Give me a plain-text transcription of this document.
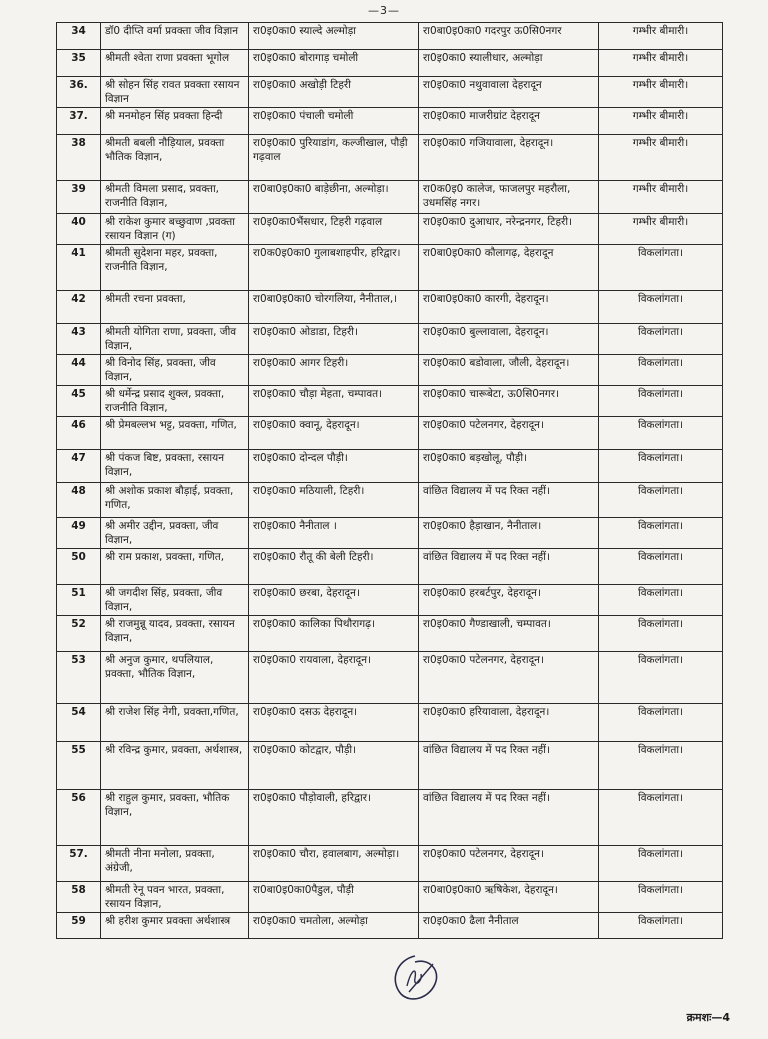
—3—
34	डॉ0 दीप्ति वर्मा प्रवक्ता जीव विज्ञान	रा0इ0का0 स्याल्दे अल्मोड़ा	रा0बा0इ0का0 गदरपुर ऊ0सि0नगर	गम्भीर बीमारी।
35	श्रीमती श्वेता राणा प्रवक्ता भूगोल	रा0इ0का0 बोरागाड़ चमोली	रा0इ0का0 स्यालीधार, अल्मोड़ा	गम्भीर बीमारी।
36.	श्री सोहन सिंह रावत प्रवक्ता रसायन विज्ञान	रा0इ0का0 अखोड़ी टिहरी	रा0इ0का0 नथुवावाला देहरादून	गम्भीर बीमारी।
37.	श्री मनमोहन सिंह प्रवक्ता हिन्दी	रा0इ0का0 पंचाली चमोली	रा0इ0का0 माजरीग्रांट देहरादून	गम्भीर बीमारी।
38	श्रीमती बबली नौड़ियाल, प्रवक्ता भौतिक विज्ञान,	रा0इ0का0 पुरियाडांग, कल्जीखाल, पौड़ी गढ़वाल	रा0इ0का0 गजियावाला, देहरादून।	गम्भीर बीमारी।
39	श्रीमती विमला प्रसाद, प्रवक्ता, राजनीति विज्ञान,	रा0बा0इ0का0 बाड़ेछीना, अल्मोड़ा।	रा0क0इ0 कालेज, फाजलपुर महरौला, उधमसिंह नगर।	गम्भीर बीमारी।
40	श्री राकेश कुमार बच्छुवाण ,प्रवक्ता रसायन विज्ञान (ग)	रा0इ0का0भैंसधार, टिहरी गढ़वाल	रा0इ0का0 दुआधार, नरेन्द्रनगर, टिहरी।	गम्भीर बीमारी।
41	श्रीमती सुदेशना महर, प्रवक्ता, राजनीति विज्ञान,	रा0क0इ0का0 गुलाबशाहपीर, हरिद्वार।	रा0बा0इ0का0 कौलागढ़, देहरादून	विकलांगता।
42	श्रीमती रचना प्रवक्ता,	रा0बा0इ0का0 चोरगलिया, नैनीताल,।	रा0बा0इ0का0 कारगी, देहरादून।	विकलांगता।
43	श्रीमती योगिता राणा, प्रवक्ता, जीव विज्ञान,	रा0इ0का0 ओडाडा, टिहरी।	रा0इ0का0 बुल्लावाला, देहरादून।	विकलांगता।
44	श्री विनोद सिंह, प्रवक्ता, जीव विज्ञान,	रा0इ0का0 आगर टिहरी।	रा0इ0का0 बडोवाला, जौली, देहरादून।	विकलांगता।
45	श्री धर्मेन्द्र प्रसाद शुक्ल, प्रवक्ता, राजनीति विज्ञान,	रा0इ0का0 चौड़ा मेहता, चम्पावत।	रा0इ0का0 चारूबेटा, ऊ0सि0नगर।	विकलांगता।
46	श्री प्रेमबल्लभ भट्ट, प्रवक्ता, गणित,	रा0इ0का0 क्वानू, देहरादून।	रा0इ0का0 पटेलनगर, देहरादून।	विकलांगता।
47	श्री पंकज बिष्ट, प्रवक्ता, रसायन विज्ञान,	रा0इ0का0 दोन्दल पौड़ी।	रा0इ0का0 बड़खोलू, पौड़ी।	विकलांगता।
48	श्री अशोक प्रकाश बौड़ाई, प्रवक्ता, गणित,	रा0इ0का0 मठियाली, टिहरी।	वांछित विद्यालय में पद रिक्त नहीं।	विकलांगता।
49	श्री अमीर उद्दीन, प्रवक्ता, जीव विज्ञान,	रा0इ0का0 नैनीताल ।	रा0इ0का0 हैड़ाखान, नैनीताल।	विकलांगता।
50	श्री राम प्रकाश, प्रवक्ता, गणित,	रा0इ0का0 रौतू की बेली टिहरी।	वांछित विद्यालय में पद रिक्त नहीं।	विकलांगता।
51	श्री जगदीश सिंह, प्रवक्ता, जीव विज्ञान,	रा0इ0का0 छरबा, देहरादून।	रा0इ0का0 हरबर्टपुर, देहरादून।	विकलांगता।
52	श्री राजमुन्नू यादव, प्रवक्ता, रसायन विज्ञान,	रा0इ0का0 कालिका पिथौरागढ़।	रा0इ0का0 गैण्डाखाली, चम्पावत।	विकलांगता।
53	श्री अनुज कुमार, थपलियाल, प्रवक्ता, भौतिक विज्ञान,	रा0इ0का0 रायवाला, देहरादून।	रा0इ0का0 पटेलनगर, देहरादून।	विकलांगता।
54	श्री राजेश सिंह नेगी, प्रवक्ता,गणित,	रा0इ0का0 दसऊ देहरादून।	रा0इ0का0 हरियावाला, देहरादून।	विकलांगता।
55	श्री रविन्द्र कुमार, प्रवक्ता, अर्थशास्त्र,	रा0इ0का0 कोटद्वार, पौड़ी।	वांछित विद्यालय में पद रिक्त नहीं।	विकलांगता।
56	श्री राहुल कुमार, प्रवक्ता, भौतिक विज्ञान,	रा0इ0का0 पौड़ोवाली, हरिद्वार।	वांछित विद्यालय में पद रिक्त नहीं।	विकलांगता।
57.	श्रीमती नीना मनोला, प्रवक्ता, अंग्रेजी,	रा0इ0का0 चौरा, हवालबाग, अल्मोड़ा।	रा0इ0का0 पटेलनगर, देहरादून।	विकलांगता।
58	श्रीमती रेनू पवन भारत, प्रवक्ता, रसायन विज्ञान,	रा0बा0इ0का0पैडुल, पौड़ी	रा0बा0इ0का0 ऋषिकेश, देहरादून।	विकलांगता।
59	श्री हरीश कुमार प्रवक्ता अर्थशास्त्र	रा0इ0का0 चमतोला, अल्मोड़ा	रा0इ0का0 ढैला नैनीताल	विकलांगता।
क्रमशः—4
